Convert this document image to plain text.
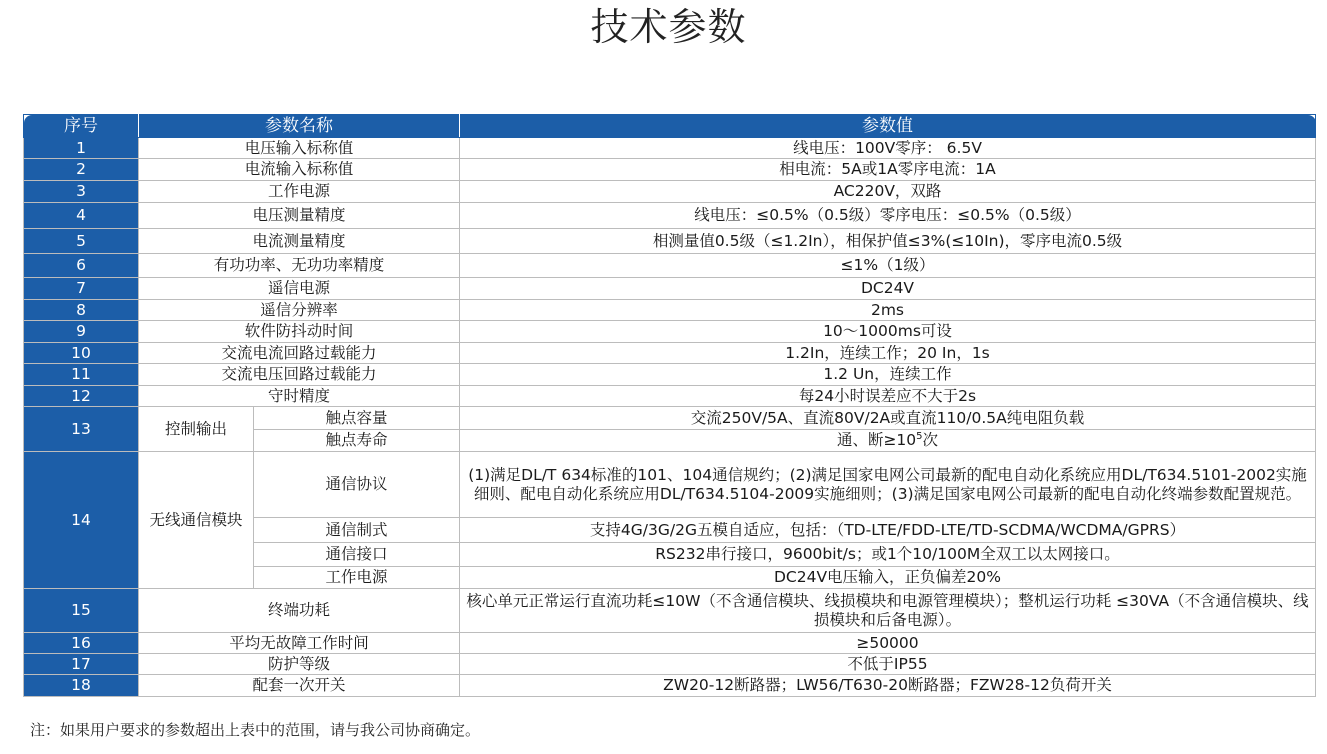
技术参数
序号	参数名称		参数值
1	电压输入标称值		线电压：100V零序： 6.5V
2	电流输入标称值		相电流：5A或1A零序电流：1A
3	工作电源		AC220V，双路
4	电压测量精度		线电压：≤0.5%（0.5级）零序电压：≤0.5%（0.5级）
5	电流测量精度		相测量值0.5级（≤1.2In），相保护值≤3%(≤10In)，零序电流0.5级
6	有功功率、无功功率精度		≤1%（1级）
7	遥信电源		DC24V
8	遥信分辨率		2ms
9	软件防抖动时间		10～1000ms可设
10	交流电流回路过载能力		1.2In，连续工作；20 In，1s
11	交流电压回路过载能力		1.2 Un，连续工作
12	守时精度		每24小时误差应不大于2s
13	控制输出	触点容量	交流250V/5A、直流80V/2A或直流110/0.5A纯电阻负载
		触点寿命	通、断$\ge 10^5$次
14	无线通信模块	通信协议	(1)满足DL/T 634标准的101、104通信规约；(2)满足国家电网公司最新的配电自动化系统应用DL/T634.5101-2002实施细则、配电自动化系统应用DL/T634.5104-2009实施细则；(3)满足国家电网公司最新的配电自动化终端参数配置规范。
		通信制式	支持4G/3G/2G五模自适应，包括：（TD-LTE/FDD-LTE/TD-SCDMA/WCDMA/GPRS）
		通信接口	RS232串行接口，9600bit/s；或1个10/100M全双工以太网接口。
		工作电源	DC24V电压输入，正负偏差20%
15	终端功耗		核心单元正常运行直流功耗≤10W（不含通信模块、线损模块和电源管理模块）；整机运行功耗 ≤30VA（不含通信模块、线损模块和后备电源）。
16	平均无故障工作时间		≥50000
17	防护等级		不低于IP55
18	配套一次开关		ZW20-12断路器；LW56/T630-20断路器；FZW28-12负荷开关
注：如果用户要求的参数超出上表中的范围，请与我公司协商确定。
